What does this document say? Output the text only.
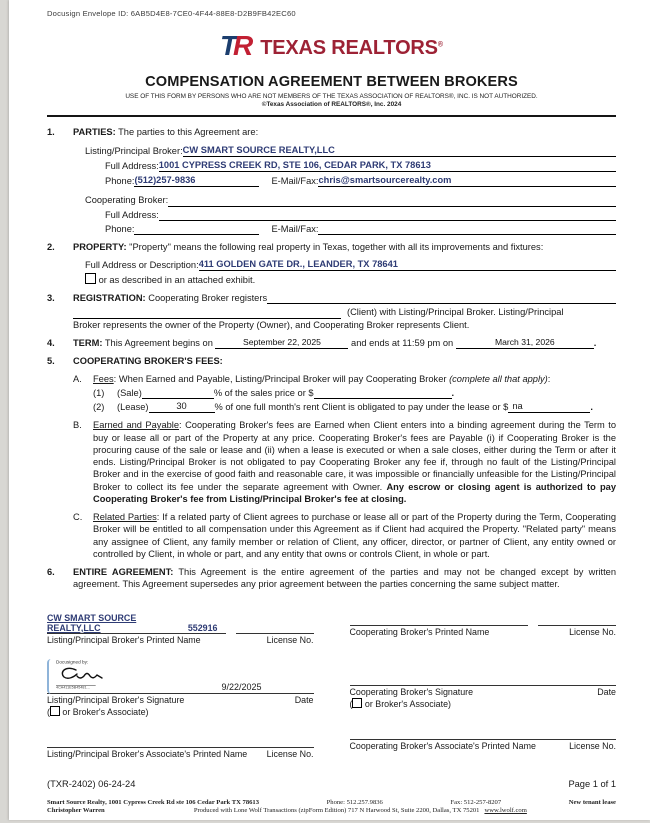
Docusign Envelope ID: 6AB5D4E8-7CE0-4F44-88E8-D2B9FB42EC60
T
R TEXAS REALTORS®
COMPENSATION AGREEMENT BETWEEN BROKERS
USE OF THIS FORM BY PERSONS WHO ARE NOT MEMBERS OF THE TEXAS ASSOCIATION OF REALTORS®, INC. IS NOT AUTHORIZED.
©Texas Association of REALTORS®, Inc. 2024
1.	PARTIES: The parties to this Agreement are:
Listing/Principal Broker: CW SMART SOURCE REALTY,LLC
Full Address: 1001 CYPRESS CREEK RD, STE 106, CEDAR PARK, TX 78613
Phone: (512)257-9836	E-Mail/Fax: chris@smartsourcerealty.com
Cooperating Broker:
Full Address:
Phone:	E-Mail/Fax:
2.	PROPERTY: "Property" means the following real property in Texas, together with all its improvements and fixtures:
Full Address or Description: 411 GOLDEN GATE DR., LEANDER, TX 78641
or as described in an attached exhibit.
3.	REGISTRATION: Cooperating Broker registers
(Client) with Listing/Principal Broker. Listing/Principal
Broker represents the owner of the Property (Owner), and Cooperating Broker represents Client.
4.	TERM: This Agreement begins on	September 22, 2025	and ends at 11:59 pm on	March 31, 2026	.
5.	COOPERATING BROKER'S FEES:
A.	Fees: When Earned and Payable, Listing/Principal Broker will pay Cooperating Broker (complete all that apply):
(1)	(Sale)	% of the sales price or $	.
(2)	(Lease)	30	% of one full month's rent Client is obligated to pay under the lease or $ na	.
B.	Earned and Payable: Cooperating Broker's fees are Earned when Client enters into a binding agreement during the Term to buy or lease all or part of the Property at any price. Cooperating Broker's fees are Payable (i) if Cooperating Broker is the procuring cause of the sale or lease and (ii) when a lease is executed or when a sale closes, either during the Term or after it ends. Listing/Principal Broker is not obligated to pay Cooperating Broker any fee if, through no fault of the Listing/Principal Broker and in the exercise of good faith and reasonable care, it was impossible or financially unfeasible for the Listing/Principal Broker to collect its fee under the separate agreement with Owner. Any escrow or closing agent is authorized to pay Cooperating Broker's fee from Listing/Principal Broker's fee at closing.
C.	Related Parties: If a related party of Client agrees to purchase or lease all or part of the Property during the Term, Cooperating Broker will be entitled to all compensation under this Agreement as if Client had acquired the Property. "Related party" means any assignee of Client, any family member or relation of Client, any officer, director, or partner of Client, any entity owned or controlled by Client, in whole or part, and any entity that owns or controls Client, in whole or part.
6.	ENTIRE AGREEMENT: This Agreement is the entire agreement of the parties and may not be changed except by written agreement. This Agreement supersedes any prior agreement between the parties concerning the same subject matter.
CW SMART SOURCE REALTY,LLC	552916
Listing/Principal Broker's Printed Name	License No.
Docusigned by:
4CA411E5B45481...	9/22/2025
Listing/Principal Broker's Signature	Date
( or Broker's Associate)
Listing/Principal Broker's Associate's Printed Name License No.
Cooperating Broker's Printed Name	License No.
Cooperating Broker's Signature	Date
( or Broker's Associate)
Cooperating Broker's Associate's Printed Name	License No.
(TXR-2402) 06-24-24	Page 1 of 1
Smart Source Realty, 1001 Cypress Creek Rd ste 106 Cedar Park TX 78613	Phone: 512.257.9836	Fax: 512-257-8207	New tenant lease
Christopher Warren	Produced with Lone Wolf Transactions (zipForm Edition) 717 N Harwood St, Suite 2200, Dallas, TX 75201 www.lwolf.com
